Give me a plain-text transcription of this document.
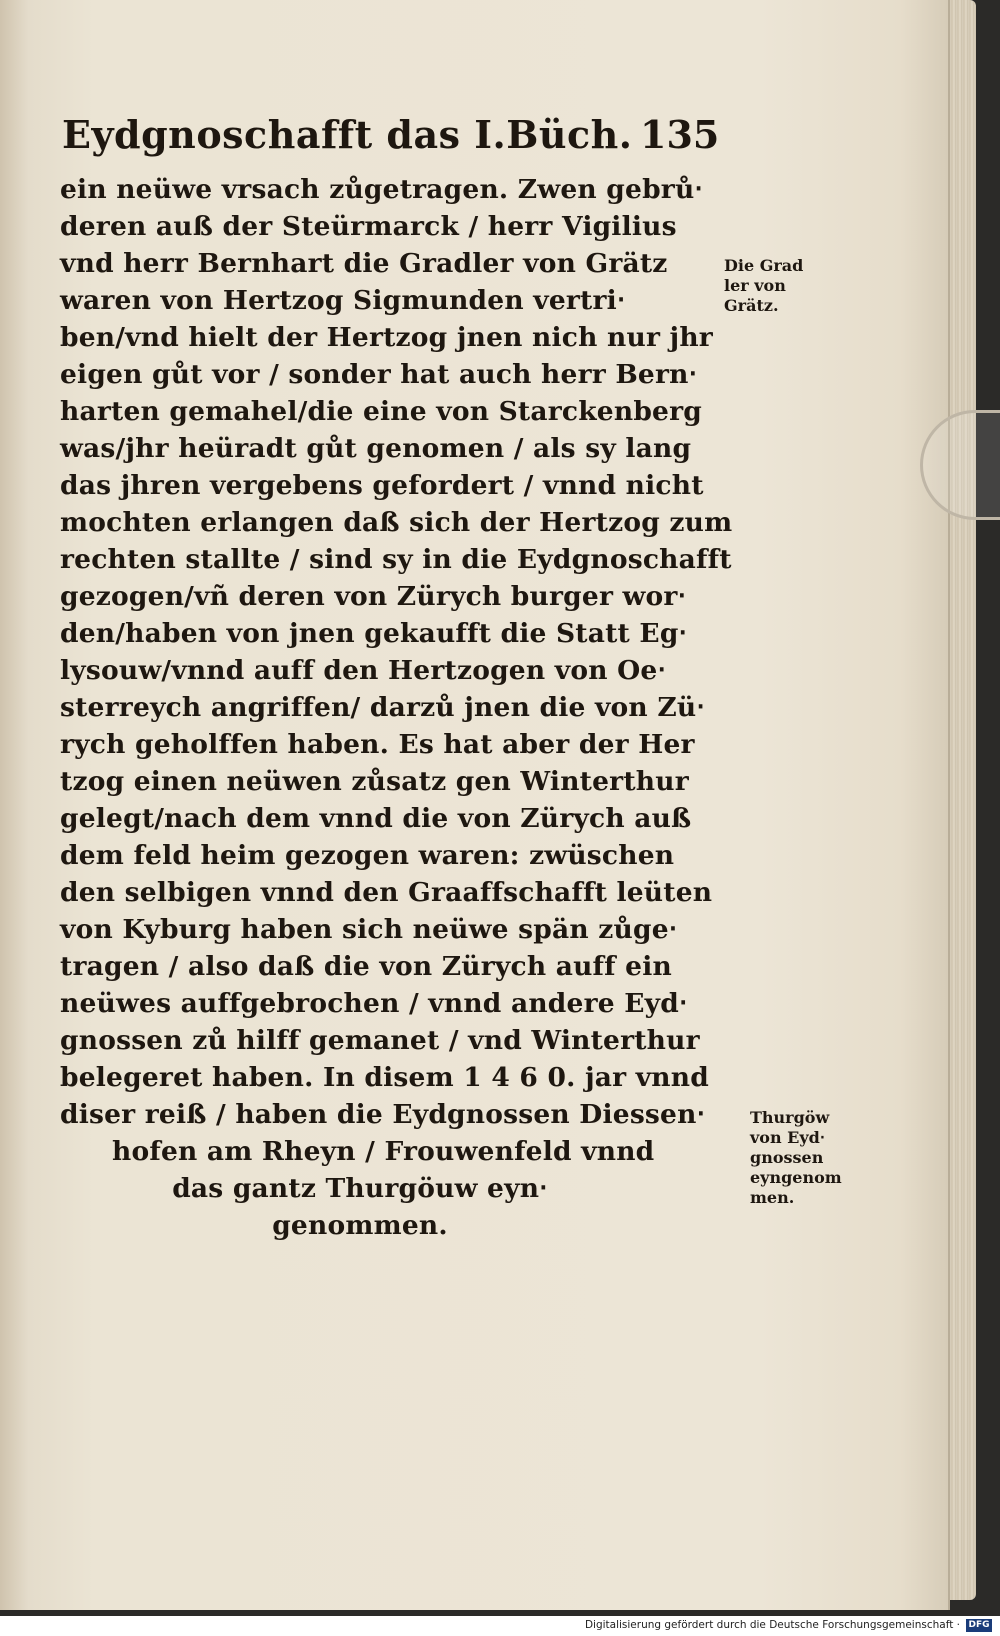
Eydgnoschafft das I.Büch. 135
ein neüwe vrsach zůgetragen. Zwen gebrů‧
deren auß der Steürmarck / herr Vigilius
vnd herr Bernhart die Gradler von Grätz
waren von Hertzog Sigmunden vertri‧
ben/vnd hielt der Hertzog jnen nich nur jhr
eigen gůt vor / sonder hat auch herr Bern‧
harten gemahel/die eine von Starckenberg
was/jhr heüradt gůt genomen / als sy lang
das jhren vergebens gefordert / vnnd nicht
mochten erlangen daß sich der Hertzog zum
rechten stallte / sind sy in die Eydgnoschafft
gezogen/vñ deren von Zürych burger wor‧
den/haben von jnen gekaufft die Statt Eg‧
lysouw/vnnd auff den Hertzogen von Oe‧
sterreych angriffen/ darzů jnen die von Zü‧
rych geholffen haben. Es hat aber der Her
tzog einen neüwen zůsatz gen Winterthur
gelegt/nach dem vnnd die von Zürych auß
dem feld heim gezogen waren: zwüschen
den selbigen vnnd den Graaffschafft leüten
von Kyburg haben sich neüwe spän zůge‧
tragen / also daß die von Zürych auff ein
neüwes auffgebrochen / vnnd andere Eyd‧
gnossen zů hilff gemanet / vnd Winterthur
belegeret haben. In disem 1 4 6 0. jar vnnd
diser reiß / haben die Eydgnossen Diessen‧
hofen am Rheyn / Frouwenfeld vnnd
das gantz Thurgöuw eyn‧
genommen.
Die Grad
ler von
Grätz.
Thurgöw
von Eyd‧
gnossen
eyngenom
men.
Digitalisierung gefördert durch die Deutsche Forschungsgemeinschaft · DFG
